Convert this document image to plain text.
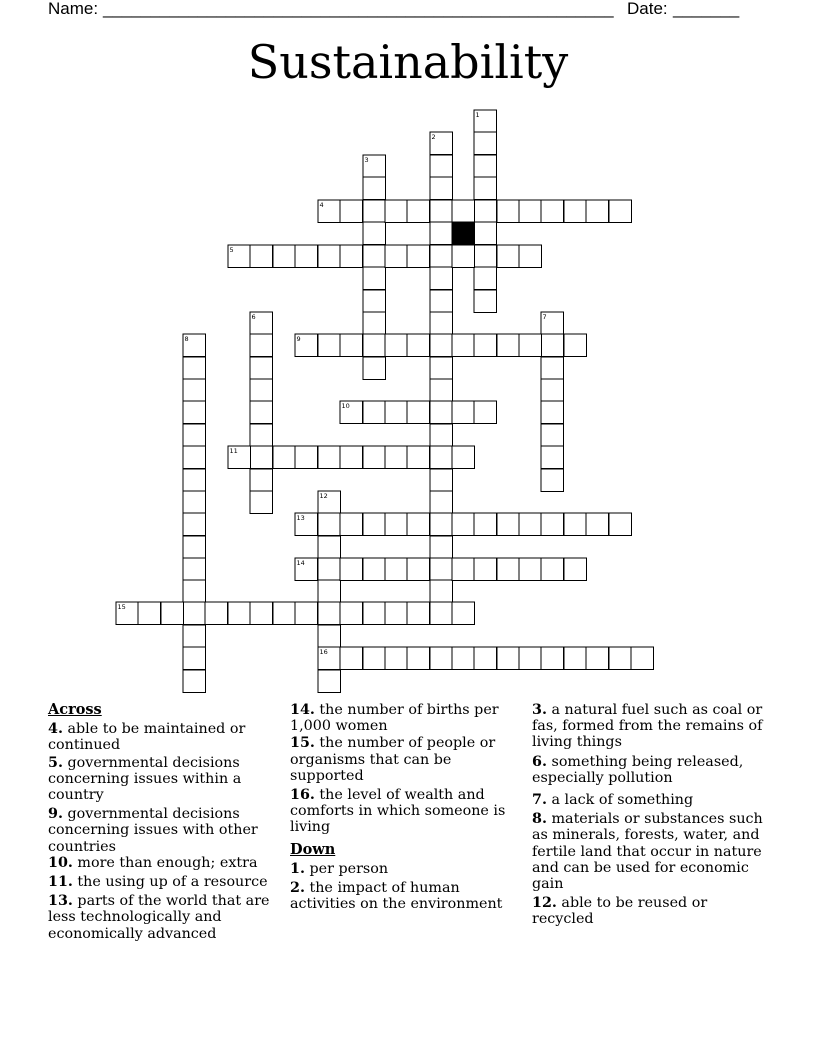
Name: ______________________________________________________ Date: _______
Sustainability
1
2
3
4
5
6	7
8	9
10
11
12
13
14
15
16
Across

4. able to be maintained or continued

5. governmental decisions concerning issues within a country

9. governmental decisions concerning issues with other countries

10. more than enough; extra

11. the using up of a resource

13. parts of the world that are less technologically and economically advanced

14. the number of births per 1,000 women

15. the number of people or organisms that can be supported

16. the level of wealth and comforts in which someone is living

Down

1. per person

2. the impact of human activities on the environment

3. a natural fuel such as coal or fas, formed from the remains of living things

6. something being released, especially pollution

7. a lack of something

8. materials or substances such as minerals, forests, water, and fertile land that occur in nature and can be used for economic gain

12. able to be reused or recycled
